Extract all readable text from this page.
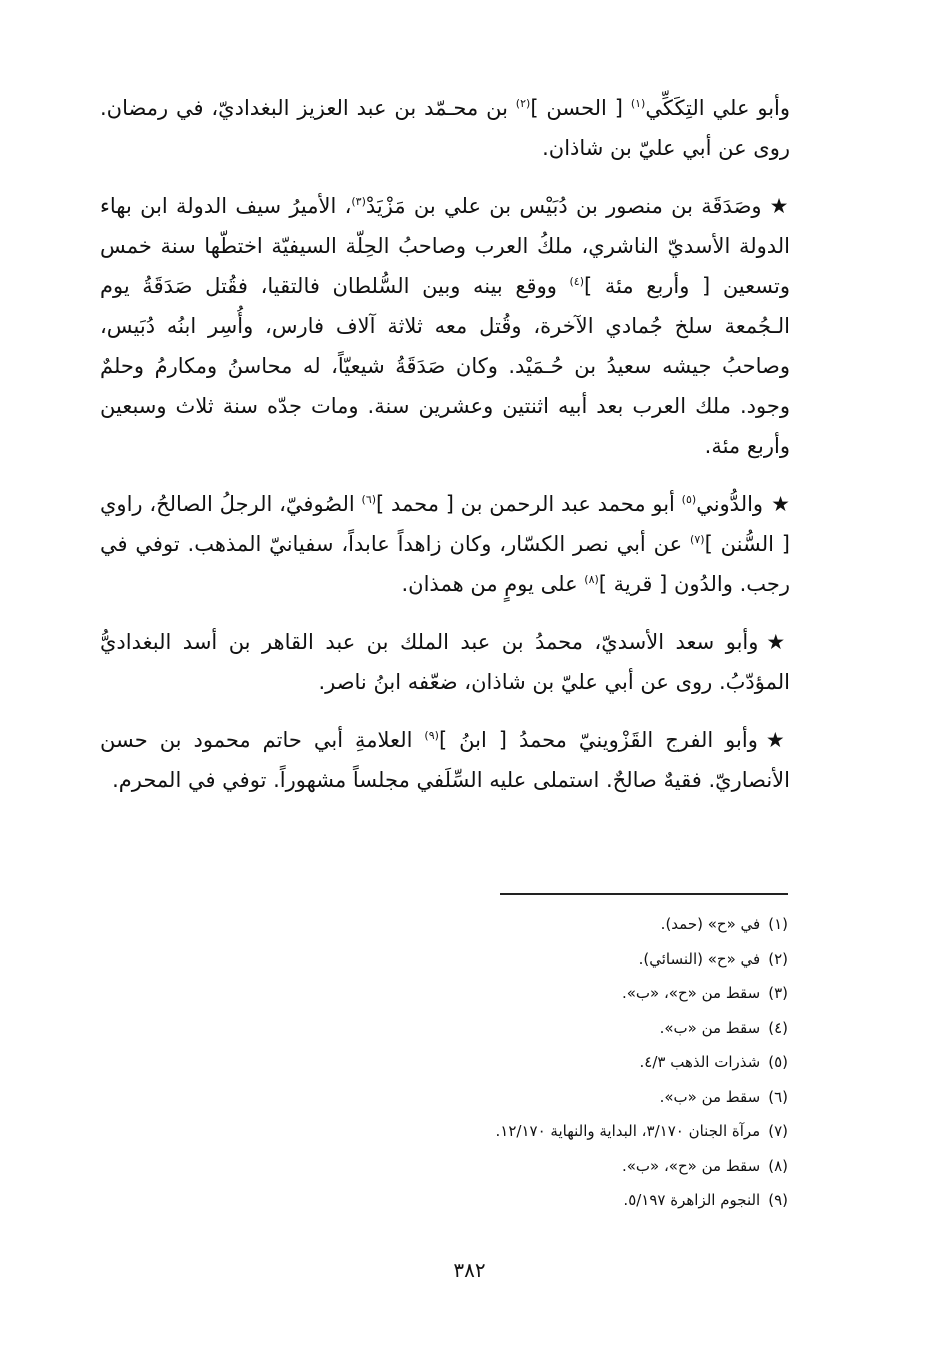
وأبو علي التِكَكِّي$^{(١)}$ [ الحسن ]$^{(٢)}$ بن محـمّد بن عبد العزيز البغداديّ، في رمضان. روى عن أبي عليّ بن شاذان.

★وصَدَقَة بن منصور بن دُبَيْس بن علي بن مَزْيَدْ$^{(٣)}$، الأميرُ سيف الدولة ابن بهاء الدولة الأسديّ الناشري، ملكُ العرب وصاحبُ الحِلّة السيفيّة اختطّها سنة خمس وتسعين [ وأربع مئة ]$^{(٤)}$ ووقع بينه وبين السُّلطان فالتقيا، فقُتل صَدَقَةُ يوم الـجُمعة سلخ جُمادي الآخرة، وقُتل معه ثلاثة آلاف فارس، وأُسِر ابنُه دُبَيس، وصاحبُ جيشه سعيدُ بن حُـمَيْد. وكان صَدَقَةُ شيعيّاً، له محاسنُ ومكارمُ وحلمٌ وجود. ملك العرب بعد أبيه اثنتين وعشرين سنة. ومات جدّه سنة ثلاث وسبعين وأربع مئة.

★والدُّوني$^{(٥)}$ أبو محمد عبد الرحمن بن [ محمد ]$^{(٦)}$ الصُوفيّ، الرجلُ الصالحُ، راوي [ السُّنن ]$^{(٧)}$ عن أبي نصر الكسّار، وكان زاهداً عابداً، سفيانيّ المذهب. توفي في رجب. والدُون [ قرية ]$^{(٨)}$ على يومٍ من همذان.

★وأبو سعد الأسديّ، محمدُ بن عبد الملك بن عبد القاهر بن أسد البغداديُّ المؤدّبُ. روى عن أبي عليّ بن شاذان، ضعّفه ابنُ ناصر.

★وأبو الفرج القَزْوينيّ محمدُ [ ابنُ ]$^{(٩)}$ العلامةِ أبي حاتم محمود بن حسن الأنصاريّ. فقيهٌ صالحٌ. استملى عليه السِّلَفي مجلساً مشهوراً. توفي في المحرم.

(١)في «ح» (حمد).
(٢)في «ح» (النسائي).
(٣)سقط من «ح»، «ب».
(٤)سقط من «ب».
(٥)شذرات الذهب ٤/٣.
(٦)سقط من «ب».
(٧)مرآة الجنان ٣/١٧٠، البداية والنهاية ١٢/١٧٠.
(٨)سقط من «ح»، «ب».
(٩)النجوم الزاهرة ٥/١٩٧.
٣٨٢
